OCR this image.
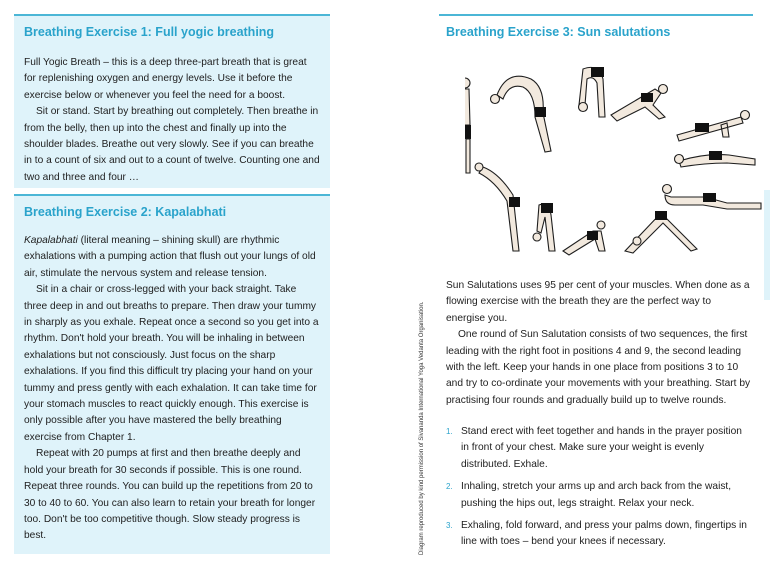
Breathing Exercise 1: Full yogic breathing

Full Yogic Breath – this is a deep three-part breath that is great for replenishing oxygen and energy levels. Use it before the exercise below or whenever you feel the need for a boost.

Sit or stand. Start by breathing out completely. Then breathe in from the belly, then up into the chest and finally up into the shoulder blades. Breathe out very slowly. See if you can breathe in to a count of six and out to a count of twelve. Counting one and two and three and four …

Breathing Exercise 2: Kapalabhati

Kapalabhati (literal meaning – shining skull) are rhythmic exhalations with a pumping action that flush out your lungs of old air, stimulate the nervous system and release tension.

Sit in a chair or cross-legged with your back straight. Take three deep in and out breaths to prepare. Then draw your tummy in sharply as you exhale. Repeat once a second so you get into a rhythm. Don't hold your breath. You will be inhaling in between exhalations but not consciously. Just focus on the sharp exhalations. If you find this difficult try placing your hand on your tummy and press gently with each exhalation. It can take time for your stomach muscles to react quickly enough. This exercise is only possible after you have mastered the belly breathing exercise from Chapter 1.

Repeat with 20 pumps at first and then breathe deeply and hold your breath for 30 seconds if possible. This is one round. Repeat three rounds. You can build up the repetitions from 20 to 30 to 40 to 60. You can also learn to retain your breath for longer too. Don't be too competitive though. Slow steady progress is best.

Breathing Exercise 3: Sun salutations
Diagram reproduced by kind permission of Sivananda International Yoga Vedanta Organisation.

Sun Salutations uses 95 per cent of your muscles. When done as a flowing exercise with the breath they are the perfect way to energise you.

One round of Sun Salutation consists of two sequences, the first leading with the right foot in positions 4 and 9, the second leading with the left. Keep your hands in one place from positions 3 to 10 and try to co-ordinate your movements with your breathing. Start by practising four rounds and gradually build up to twelve rounds.

1. Stand erect with feet together and hands in the prayer position in front of your chest. Make sure your weight is evenly distributed. Exhale.
2. Inhaling, stretch your arms up and arch back from the waist, pushing the hips out, legs straight. Relax your neck.
3. Exhaling, fold forward, and press your palms down, fingertips in line with toes – bend your knees if necessary.
